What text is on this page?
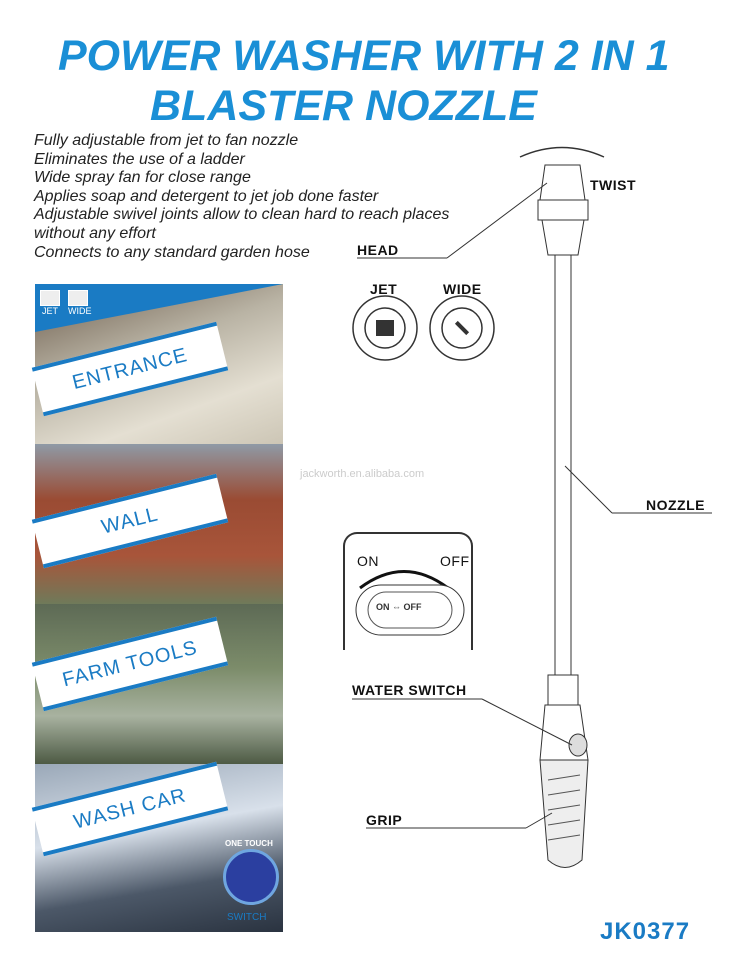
POWER WASHER WITH 2 IN 1
BLASTER NOZZLE
Fully adjustable from jet to fan nozzle
Eliminates the use of a ladder
Wide spray fan for close range
Applies soap and detergent to jet job done faster
Adjustable swivel joints allow to clean hard to reach places
without any effort
Connects to any standard garden hose
JET WIDE
ENTRANCE
WALL
FARM TOOLS
WASH CAR
ONE TOUCH
SWITCH
jackworth.en.alibaba.com
ON	OFF
ON ⇔ OFF
TWIST
HEAD
JET	WIDE
NOZZLE
WATER SWITCH
GRIP
JK0377
